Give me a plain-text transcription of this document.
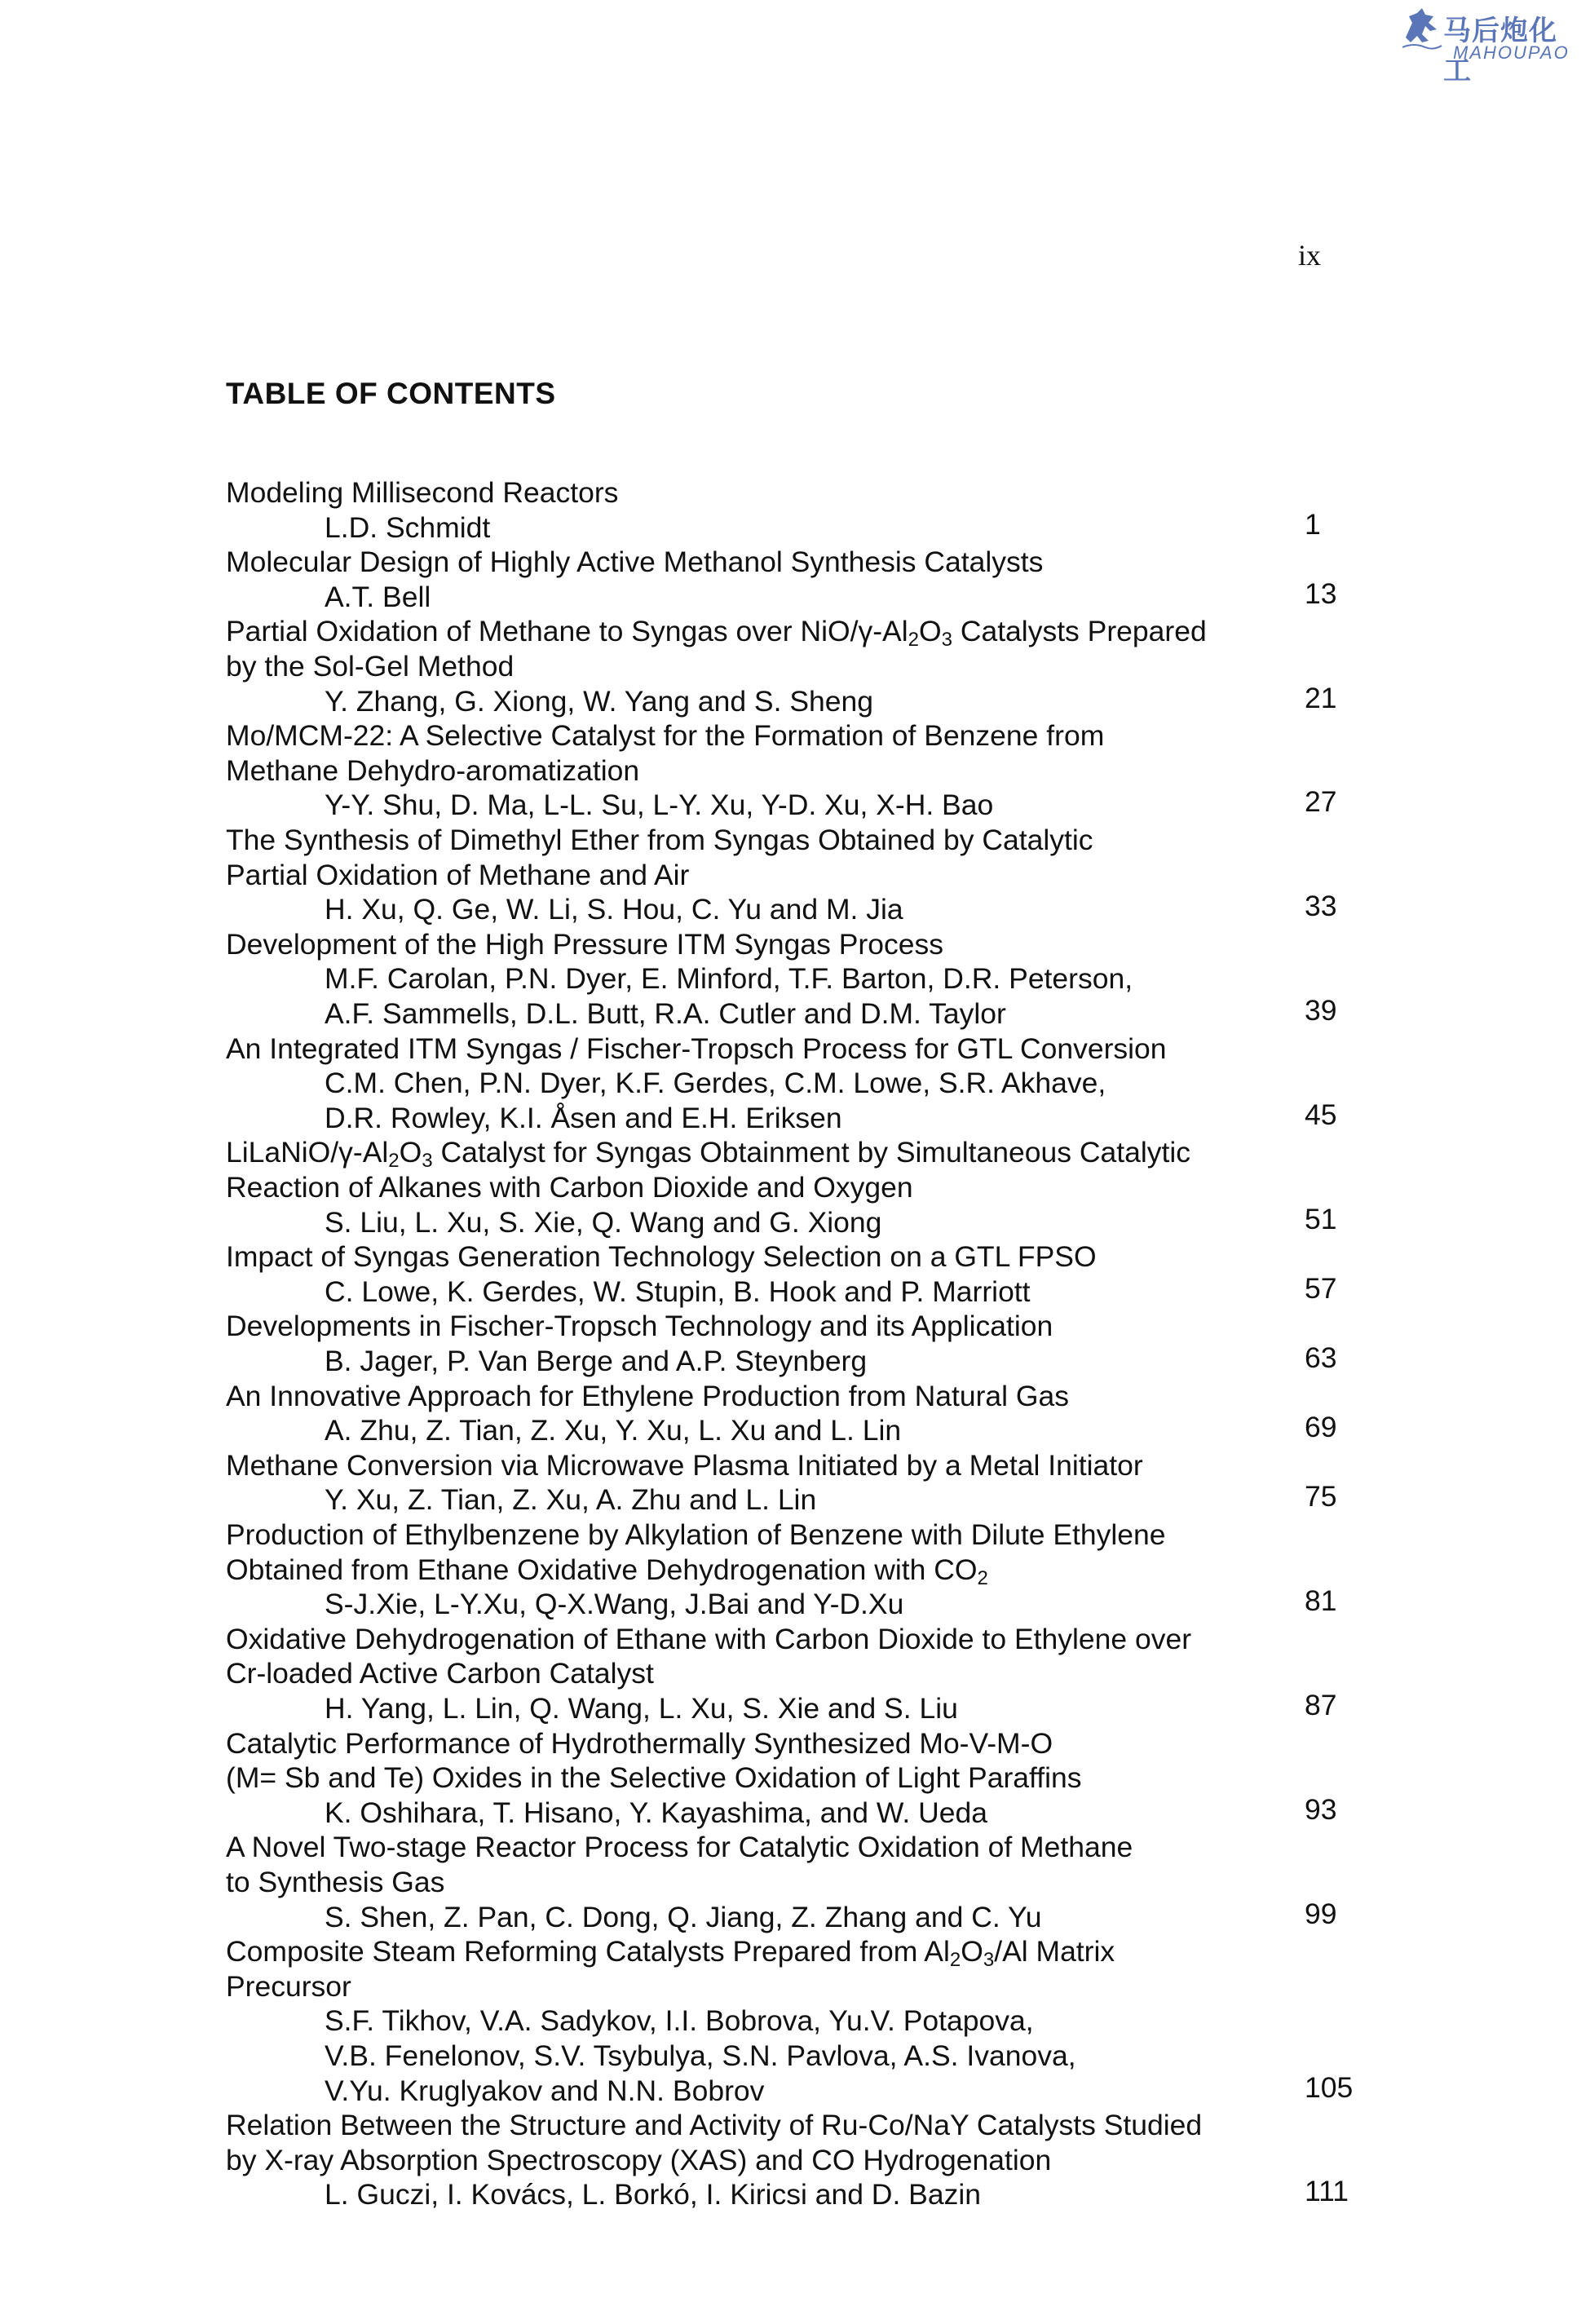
马后炮化工
MAHOUPAO
ix
TABLE OF CONTENTS
Modeling Millisecond Reactors
L.D. Schmidt	1
Molecular Design of Highly Active Methanol Synthesis Catalysts
A.T. Bell	13
Partial Oxidation of Methane to Syngas over NiO/$\gamma-Al_2O_3$ Catalysts Prepared
by the Sol-Gel Method
Y. Zhang, G. Xiong, W. Yang and S. Sheng	21
Mo/MCM-22: A Selective Catalyst for the Formation of Benzene from
Methane Dehydro-aromatization
Y-Y. Shu, D. Ma, L-L. Su, L-Y. Xu, Y-D. Xu, X-H. Bao	27
The Synthesis of Dimethyl Ether from Syngas Obtained by Catalytic
Partial Oxidation of Methane and Air
H. Xu, Q. Ge, W. Li, S. Hou, C. Yu and M. Jia	33
Development of the High Pressure ITM Syngas Process
M.F. Carolan, P.N. Dyer, E. Minford, T.F. Barton, D.R. Peterson,
A.F. Sammells, D.L. Butt, R.A. Cutler and D.M. Taylor	39
An Integrated ITM Syngas / Fischer-Tropsch Process for GTL Conversion
C.M. Chen, P.N. Dyer, K.F. Gerdes, C.M. Lowe, S.R. Akhave,
D.R. Rowley, K.I. Åsen and E.H. Eriksen	45
LiLaNiO/$\gamma-Al_2O_3$ Catalyst for Syngas Obtainment by Simultaneous Catalytic
Reaction of Alkanes with Carbon Dioxide and Oxygen
S. Liu, L. Xu, S. Xie, Q. Wang and G. Xiong	51
Impact of Syngas Generation Technology Selection on a GTL FPSO
C. Lowe, K. Gerdes, W. Stupin, B. Hook and P. Marriott	57
Developments in Fischer-Tropsch Technology and its Application
B. Jager, P. Van Berge and A.P. Steynberg	63
An Innovative Approach for Ethylene Production from Natural Gas
A. Zhu, Z. Tian, Z. Xu, Y. Xu, L. Xu and L. Lin	69
Methane Conversion via Microwave Plasma Initiated by a Metal Initiator
Y. Xu, Z. Tian, Z. Xu, A. Zhu and L. Lin	75
Production of Ethylbenzene by Alkylation of Benzene with Dilute Ethylene
Obtained from Ethane Oxidative Dehydrogenation with $CO_2$
S-J.Xie, L-Y.Xu, Q-X.Wang, J.Bai and Y-D.Xu	81
Oxidative Dehydrogenation of Ethane with Carbon Dioxide to Ethylene over
Cr-loaded Active Carbon Catalyst
H. Yang, L. Lin, Q. Wang, L. Xu, S. Xie and S. Liu	87
Catalytic Performance of Hydrothermally Synthesized Mo-V-M-O
(M= Sb and Te) Oxides in the Selective Oxidation of Light Paraffins
K. Oshihara, T. Hisano, Y. Kayashima, and W. Ueda	93
A Novel Two-stage Reactor Process for Catalytic Oxidation of Methane
to Synthesis Gas
S. Shen, Z. Pan, C. Dong, Q. Jiang, Z. Zhang and C. Yu	99
Composite Steam Reforming Catalysts Prepared from $Al_2O_3/Al$ Matrix
Precursor
S.F. Tikhov, V.A. Sadykov, I.I. Bobrova, Yu.V. Potapova,
V.B. Fenelonov, S.V. Tsybulya, S.N. Pavlova, A.S. Ivanova,
V.Yu. Kruglyakov and N.N. Bobrov	105
Relation Between the Structure and Activity of Ru-Co/NaY Catalysts Studied
by X-ray Absorption Spectroscopy (XAS) and CO Hydrogenation
L. Guczi, I. Kovács, L. Borkó, I. Kiricsi and D. Bazin	111
